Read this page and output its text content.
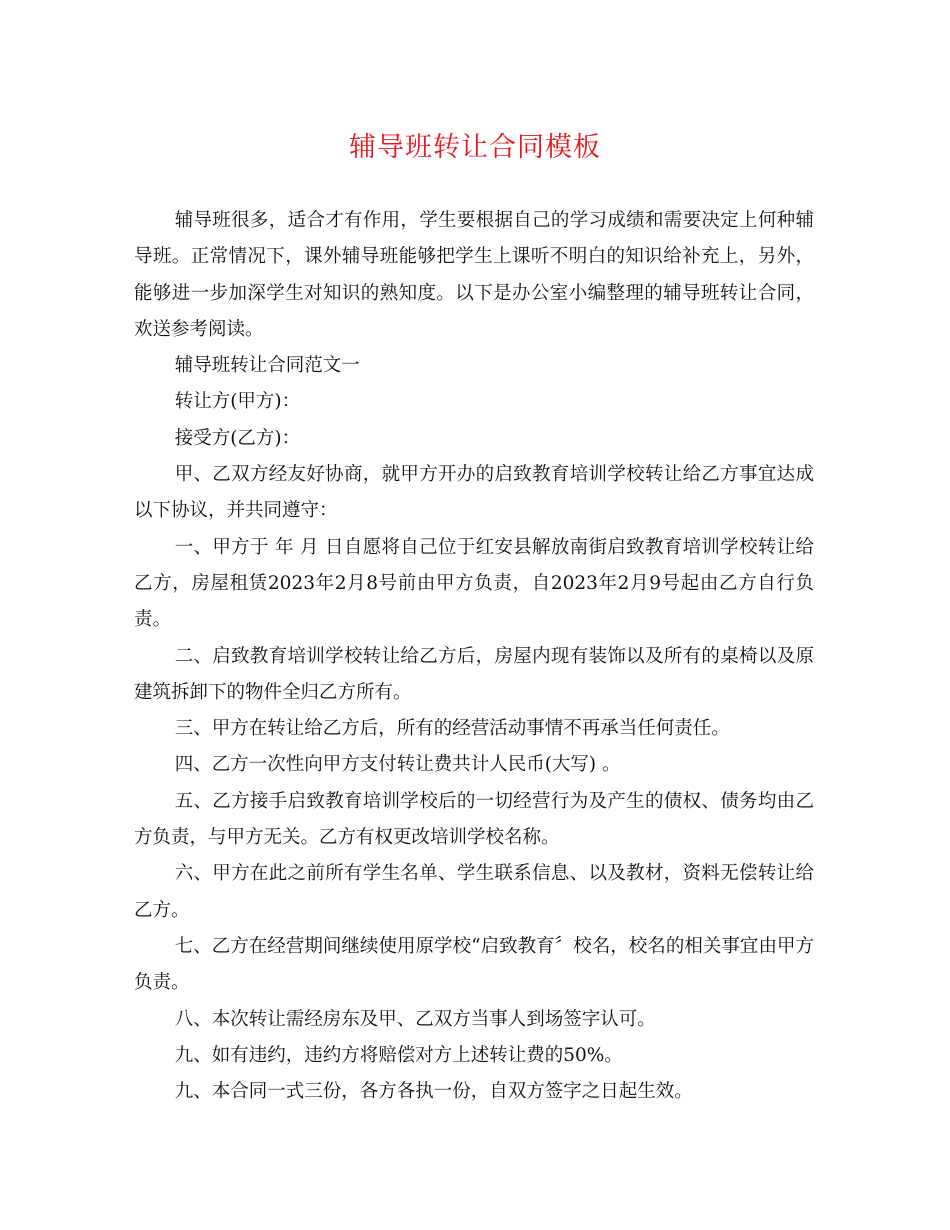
辅导班转让合同模板

辅导班很多，适合才有作用，学生要根据自己的学习成绩和需要决定上何种辅导班。正常情况下，课外辅导班能够把学生上课听不明白的知识给补充上，另外，能够进一步加深学生对知识的熟知度。以下是办公室小编整理的辅导班转让合同，欢送参考阅读。

辅导班转让合同范文一

转让方(甲方)：

接受方(乙方)：

甲、乙双方经友好协商，就甲方开办的启致教育培训学校转让给乙方事宜达成以下协议，并共同遵守：

一、甲方于 年 月 日自愿将自己位于红安县解放南街启致教育培训学校转让给乙方，房屋租赁2023年2月8号前由甲方负责，自2023年2月9号起由乙方自行负责。

二、启致教育培训学校转让给乙方后，房屋内现有装饰以及所有的桌椅以及原建筑拆卸下的物件全归乙方所有。

三、甲方在转让给乙方后，所有的经营活动事情不再承当任何责任。

四、乙方一次性向甲方支付转让费共计人民币(大写) 。

五、乙方接手启致教育培训学校后的一切经营行为及产生的债权、债务均由乙方负责，与甲方无关。乙方有权更改培训学校名称。

六、甲方在此之前所有学生名单、学生联系信息、以及教材，资料无偿转让给乙方。

七、乙方在经营期间继续使用原学校“启致教育〞校名，校名的相关事宜由甲方负责。

八、本次转让需经房东及甲、乙双方当事人到场签字认可。

九、如有违约，违约方将赔偿对方上述转让费的50%。

九、本合同一式三份，各方各执一份，自双方签字之日起生效。
